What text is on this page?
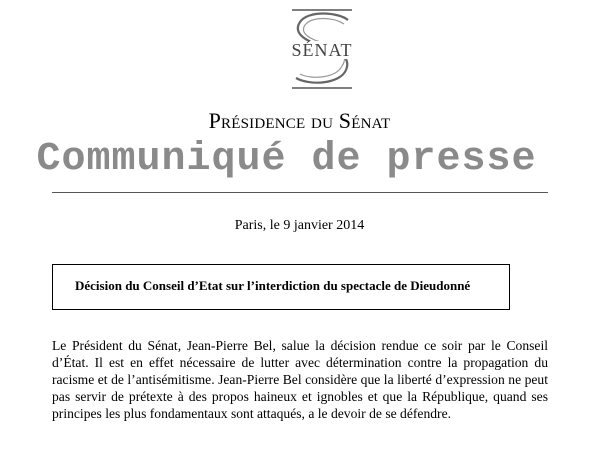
SÉNAT
Présidence du Sénat
Communiqué de presse
Paris, le 9 janvier 2014
Décision du Conseil d’Etat sur l’interdiction du spectacle de Dieudonné
Le Président du Sénat, Jean-Pierre Bel, salue la décision rendue ce soir par le Conseil d’État. Il est en effet nécessaire de lutter avec détermination contre la propagation du racisme et de l’antisémitisme. Jean-Pierre Bel considère que la liberté d’expression ne peut pas servir de prétexte à des propos haineux et ignobles et que la République, quand ses principes les plus fondamentaux sont attaqués, a le devoir de se défendre.
